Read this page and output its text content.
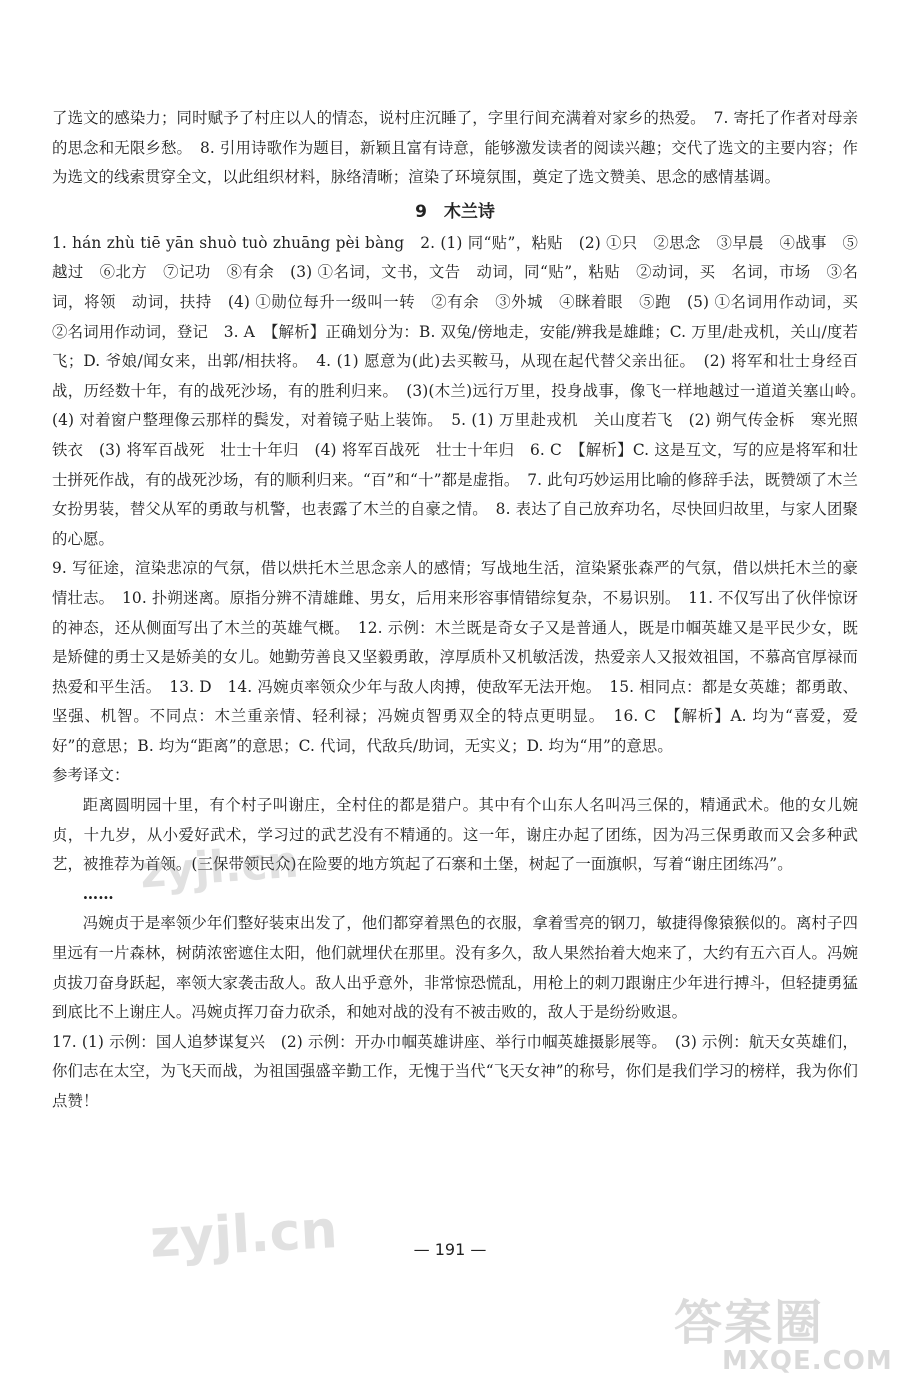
了选文的感染力；同时赋予了村庄以人的情态，说村庄沉睡了，字里行间充满着对家乡的热爱。　7. 寄托了作者对母亲的思念和无限乡愁。　8. 引用诗歌作为题目，新颖且富有诗意，能够激发读者的阅读兴趣；交代了选文的主要内容；作为选文的线索贯穿全文，以此组织材料，脉络清晰；渲染了环境氛围，奠定了选文赞美、思念的感情基调。

9　木兰诗

1. hán zhù tiē yān shuò tuò zhuāng pèi bàng　2. (1) 同“贴”，粘贴　(2) ①只　②思念　③早晨　④战事　⑤越过　⑥北方　⑦记功　⑧有余　(3) ①名词，文书，文告　动词，同“贴”，粘贴　②动词，买　名词，市场　③名词，将领　动词，扶持　(4) ①勋位每升一级叫一转　②有余　③外城　④眯着眼　⑤跑　(5) ①名词用作动词，买　②名词用作动词，登记　3. A　【解析】正确划分为：B. 双兔/傍地走，安能/辨我是雄雌；C. 万里/赴戎机，关山/度若飞；D. 爷娘/闻女来，出郭/相扶将。　4. (1) 愿意为(此)去买鞍马，从现在起代替父亲出征。　(2) 将军和壮士身经百战，历经数十年，有的战死沙场，有的胜利归来。　(3)(木兰)远行万里，投身战事，像飞一样地越过一道道关塞山岭。　(4) 对着窗户整理像云那样的鬓发，对着镜子贴上装饰。　5. (1) 万里赴戎机　关山度若飞　(2) 朔气传金柝　寒光照铁衣　(3) 将军百战死　壮士十年归　(4) 将军百战死　壮士十年归　6. C　【解析】C. 这是互文，写的应是将军和壮士拼死作战，有的战死沙场，有的顺利归来。“百”和“十”都是虚指。　7. 此句巧妙运用比喻的修辞手法，既赞颂了木兰女扮男装，替父从军的勇敢与机警，也表露了木兰的自豪之情。　8. 表达了自己放弃功名，尽快回归故里，与家人团聚的心愿。

9. 写征途，渲染悲凉的气氛，借以烘托木兰思念亲人的感情；写战地生活，渲染紧张森严的气氛，借以烘托木兰的豪情壮志。　10. 扑朔迷离。原指分辨不清雄雌、男女，后用来形容事情错综复杂，不易识别。　11. 不仅写出了伙伴惊讶的神态，还从侧面写出了木兰的英雄气概。　12. 示例：木兰既是奇女子又是普通人，既是巾帼英雄又是平民少女，既是矫健的勇士又是娇美的女儿。她勤劳善良又坚毅勇敢，淳厚质朴又机敏活泼，热爱亲人又报效祖国，不慕高官厚禄而热爱和平生活。　13. D　14. 冯婉贞率领众少年与敌人肉搏，使敌军无法开炮。　15. 相同点：都是女英雄；都勇敢、坚强、机智。不同点：木兰重亲情、轻利禄；冯婉贞智勇双全的特点更明显。　16. C　【解析】A. 均为“喜爱，爱好”的意思；B. 均为“距离”的意思；C. 代词，代敌兵/助词，无实义；D. 均为“用”的意思。

参考译文：

距离圆明园十里，有个村子叫谢庄，全村住的都是猎户。其中有个山东人名叫冯三保的，精通武术。他的女儿婉贞，十九岁，从小爱好武术，学习过的武艺没有不精通的。这一年，谢庄办起了团练，因为冯三保勇敢而又会多种武艺，被推荐为首领。(三保带领民众)在险要的地方筑起了石寨和土堡，树起了一面旗帜，写着“谢庄团练冯”。

……

冯婉贞于是率领少年们整好装束出发了，他们都穿着黑色的衣服，拿着雪亮的钢刀，敏捷得像猿猴似的。离村子四里远有一片森林，树荫浓密遮住太阳，他们就埋伏在那里。没有多久，敌人果然抬着大炮来了，大约有五六百人。冯婉贞拔刀奋身跃起，率领大家袭击敌人。敌人出乎意外，非常惊恐慌乱，用枪上的刺刀跟谢庄少年进行搏斗，但轻捷勇猛到底比不上谢庄人。冯婉贞挥刀奋力砍杀，和她对战的没有不被击败的，敌人于是纷纷败退。

17. (1) 示例：国人追梦谋复兴　(2) 示例：开办巾帼英雄讲座、举行巾帼英雄摄影展等。　(3) 示例：航天女英雄们，你们志在太空，为飞天而战，为祖国强盛辛勤工作，无愧于当代“飞天女神”的称号，你们是我们学习的榜样，我为你们点赞！

— 191 —
zyjl.cn
zyjl.cn
答案圈
MXQE.COM
